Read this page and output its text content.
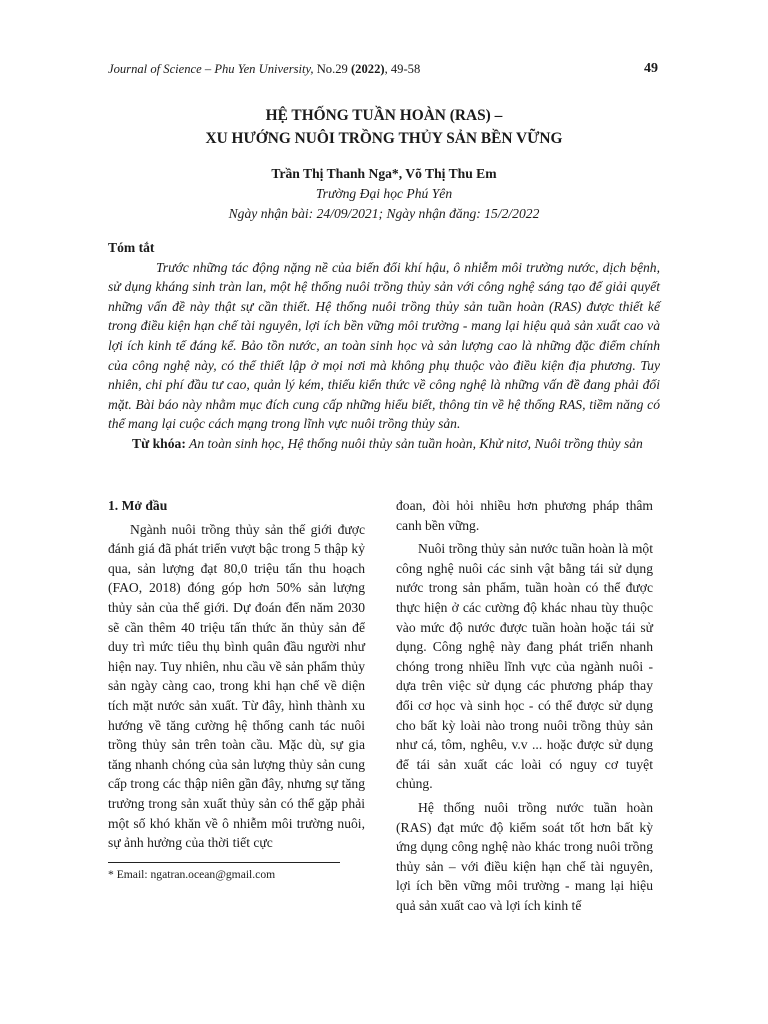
Journal of Science – Phu Yen University, No.29 (2022), 49-58	49
HỆ THỐNG TUẦN HOÀN (RAS) –
XU HƯỚNG NUÔI TRỒNG THỦY SẢN BỀN VỮNG
Trần Thị Thanh Nga*, Võ Thị Thu Em
Trường Đại học Phú Yên
Ngày nhận bài: 24/09/2021; Ngày nhận đăng: 15/2/2022
Tóm tắt

Trước những tác động nặng nề của biến đổi khí hậu, ô nhiễm môi trường nước, dịch bệnh, sử dụng kháng sinh tràn lan, một hệ thống nuôi trồng thủy sản với công nghệ sáng tạo để giải quyết những vấn đề này thật sự cần thiết. Hệ thống nuôi trồng thủy sản tuần hoàn (RAS) được thiết kế trong điều kiện hạn chế tài nguyên, lợi ích bền vững môi trường - mang lại hiệu quả sản xuất cao và lợi ích kinh tế đáng kể. Bảo tồn nước, an toàn sinh học và sản lượng cao là những đặc điểm chính của công nghệ này, có thể thiết lập ở mọi nơi mà không phụ thuộc vào điều kiện địa phương. Tuy nhiên, chi phí đầu tư cao, quản lý kém, thiếu kiến thức về công nghệ là những vấn đề đang phải đối mặt. Bài báo này nhằm mục đích cung cấp những hiểu biết, thông tin về hệ thống RAS, tiềm năng có thể mang lại cuộc cách mạng trong lĩnh vực nuôi trồng thủy sản.

Từ khóa: An toàn sinh học, Hệ thống nuôi thủy sản tuần hoàn, Khử nitơ, Nuôi trồng thủy sản

1. Mở đầu

Ngành nuôi trồng thủy sản thế giới được đánh giá đã phát triển vượt bậc trong 5 thập kỷ qua, sản lượng đạt 80,0 triệu tấn thu hoạch (FAO, 2018) đóng góp hơn 50% sản lượng thủy sản của thế giới. Dự đoán đến năm 2030 sẽ cần thêm 40 triệu tấn thức ăn thủy sản để duy trì mức tiêu thụ bình quân đầu người như hiện nay. Tuy nhiên, nhu cầu về sản phẩm thủy sản ngày càng cao, trong khi hạn chế về diện tích mặt nước sản xuất. Từ đây, hình thành xu hướng về tăng cường hệ thống canh tác nuôi trồng thủy sản trên toàn cầu. Mặc dù, sự gia tăng nhanh chóng của sản lượng thủy sản cung cấp trong các thập niên gần đây, nhưng sự tăng trưởng trong sản xuất thủy sản có thể gặp phải một số khó khăn về ô nhiễm môi trường nuôi, sự ảnh hưởng của thời tiết cực

đoan, đòi hỏi nhiều hơn phương pháp thâm canh bền vững.

Nuôi trồng thủy sản nước tuần hoàn là một công nghệ nuôi các sinh vật bằng tái sử dụng nước trong sản phẩm, tuần hoàn có thể được thực hiện ở các cường độ khác nhau tùy thuộc vào mức độ nước được tuần hoàn hoặc tái sử dụng. Công nghệ này đang phát triển nhanh chóng trong nhiều lĩnh vực của ngành nuôi - dựa trên việc sử dụng các phương pháp thay đổi cơ học và sinh học - có thể được sử dụng cho bất kỳ loài nào trong nuôi trồng thủy sản như cá, tôm, nghêu, v.v ... hoặc được sử dụng để tái sản xuất các loài có nguy cơ tuyệt chủng.

Hệ thống nuôi trồng nước tuần hoàn (RAS) đạt mức độ kiểm soát tốt hơn bất kỳ ứng dụng công nghệ nào khác trong nuôi trồng thủy sản – với điều kiện hạn chế tài nguyên, lợi ích bền vững môi trường - mang lại hiệu quả sản xuất cao và lợi ích kinh tế

* Email: ngatran.ocean@gmail.com
